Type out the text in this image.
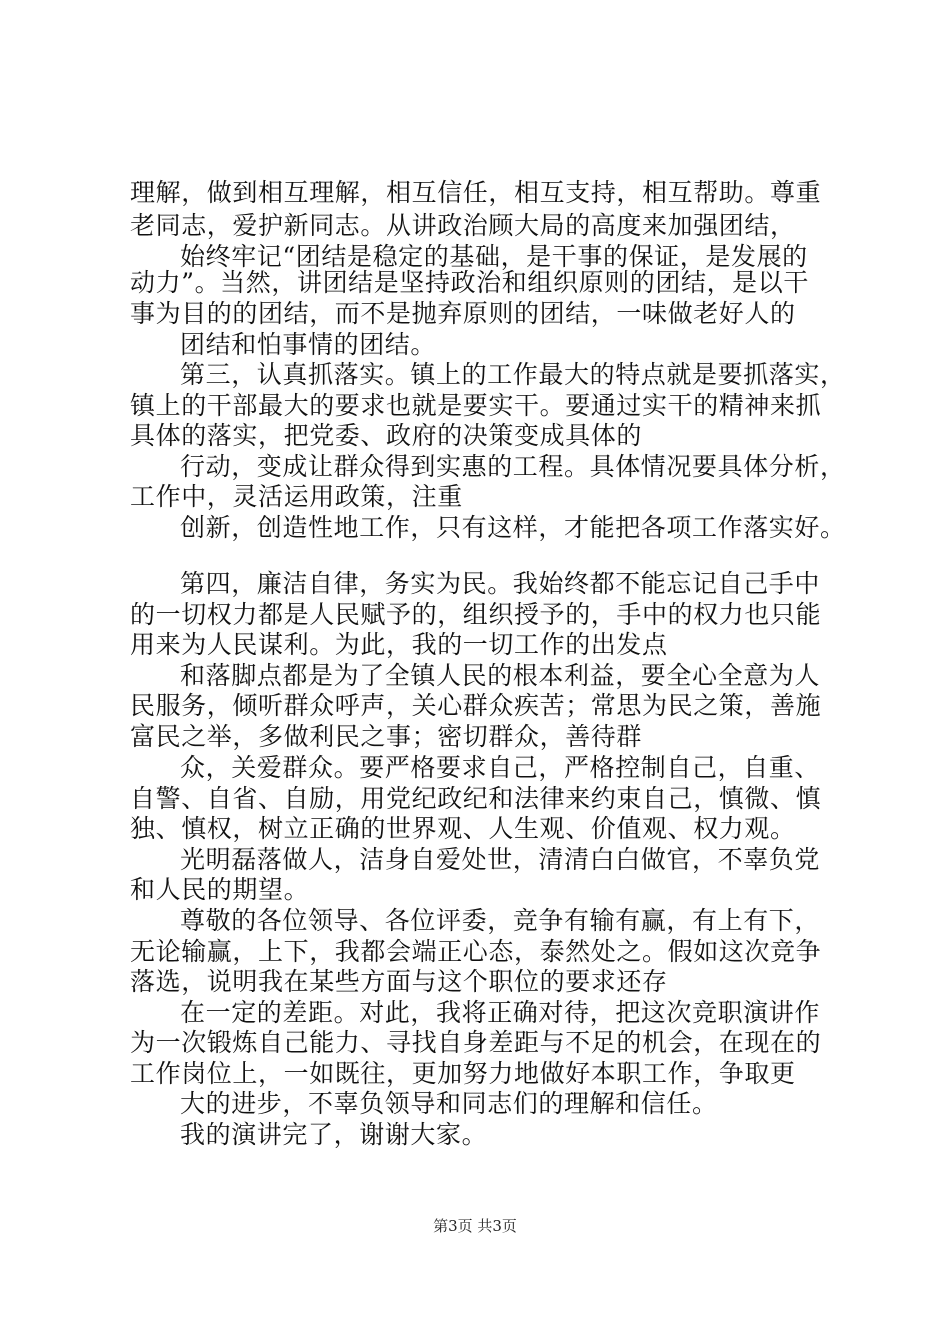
理解，做到相互理解，相互信任，相互支持，相互帮助。尊重
老同志，爱护新同志。从讲政治顾大局的高度来加强团结，
始终牢记“团结是稳定的基础，是干事的保证，是发展的
动力”。当然，讲团结是坚持政治和组织原则的团结，是以干
事为目的的团结，而不是抛弃原则的团结，一味做老好人的
团结和怕事情的团结。
第三，认真抓落实。镇上的工作最大的特点就是要抓落实，
镇上的干部最大的要求也就是要实干。要通过实干的精神来抓
具体的落实，把党委、政府的决策变成具体的
行动，变成让群众得到实惠的工程。具体情况要具体分析，
工作中，灵活运用政策，注重
创新，创造性地工作，只有这样，才能把各项工作落实好。
第四，廉洁自律，务实为民。我始终都不能忘记自己手中
的一切权力都是人民赋予的，组织授予的，手中的权力也只能
用来为人民谋利。为此，我的一切工作的出发点
和落脚点都是为了全镇人民的根本利益，要全心全意为人
民服务，倾听群众呼声，关心群众疾苦；常思为民之策，善施
富民之举，多做利民之事；密切群众，善待群
众，关爱群众。要严格要求自己，严格控制自己，自重、
自警、自省、自励，用党纪政纪和法律来约束自己，慎微、慎
独、慎权，树立正确的世界观、人生观、价值观、权力观。
光明磊落做人，洁身自爱处世，清清白白做官，不辜负党
和人民的期望。
尊敬的各位领导、各位评委，竞争有输有赢，有上有下，
无论输赢，上下，我都会端正心态，泰然处之。假如这次竞争
落选，说明我在某些方面与这个职位的要求还存
在一定的差距。对此，我将正确对待，把这次竞职演讲作
为一次锻炼自己能力、寻找自身差距与不足的机会，在现在的
工作岗位上，一如既往，更加努力地做好本职工作，争取更
大的进步，不辜负领导和同志们的理解和信任。
我的演讲完了，谢谢大家。
第3页 共3页
